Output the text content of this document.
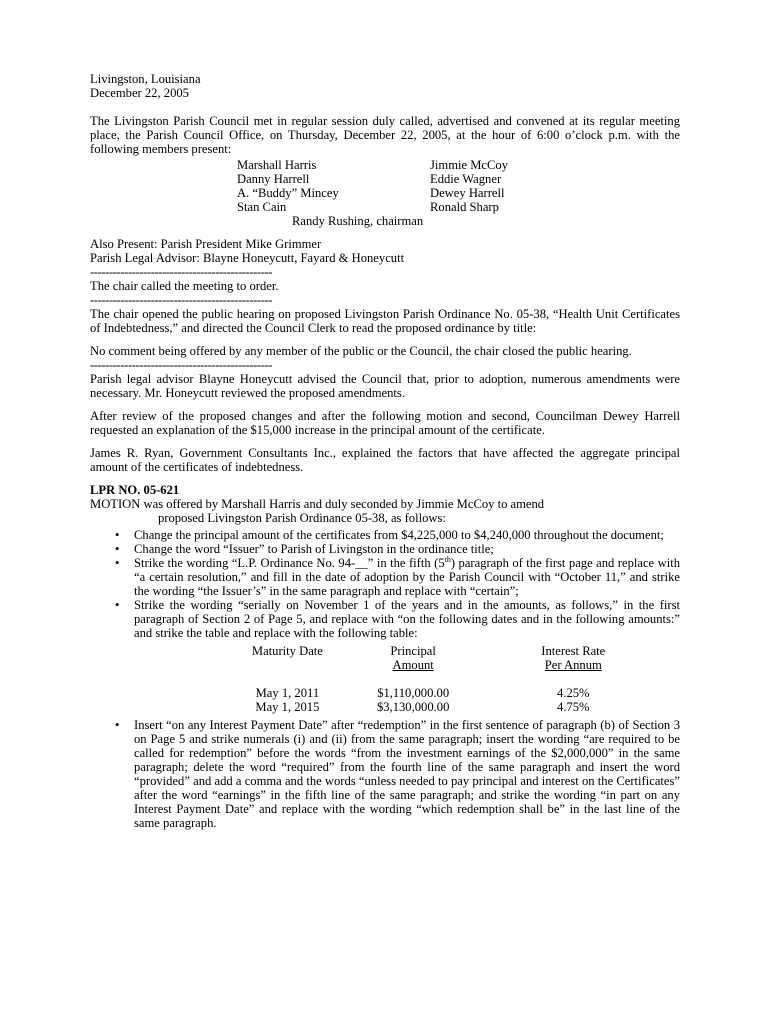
Livingston, Louisiana

December 22, 2005

The Livingston Parish Council met in regular session duly called, advertised and convened at its regular meeting place, the Parish Council Office, on Thursday, December 22, 2005, at the hour of 6:00 o’clock p.m. with the following members present:

Marshall Harris	Jimmie McCoy
Danny Harrell	Eddie Wagner
A. “Buddy” Mincey	Dewey Harrell
Stan Cain	Ronald Sharp

Randy Rushing, chairman

Also Present: Parish President Mike Grimmer

Parish Legal Advisor: Blayne Honeycutt, Fayard & Honeycutt

------------------------------------------------

The chair called the meeting to order.

------------------------------------------------

The chair opened the public hearing on proposed Livingston Parish Ordinance No. 05-38, “Health Unit Certificates of Indebtedness,” and directed the Council Clerk to read the proposed ordinance by title:

No comment being offered by any member of the public or the Council, the chair closed the public hearing.

------------------------------------------------

Parish legal advisor Blayne Honeycutt advised the Council that, prior to adoption, numerous amendments were necessary. Mr. Honeycutt reviewed the proposed amendments.

After review of the proposed changes and after the following motion and second, Councilman Dewey Harrell requested an explanation of the $15,000 increase in the principal amount of the certificate.

James R. Ryan, Government Consultants Inc., explained the factors that have affected the aggregate principal amount of the certificates of indebtedness.

LPR NO. 05-621

MOTION was offered by Marshall Harris and duly seconded by Jimmie McCoy to amend
proposed Livingston Parish Ordinance 05-38, as follows:

• Change the principal amount of the certificates from $4,225,000 to $4,240,000 throughout the document;
• Change the word “Issuer” to Parish of Livingston in the ordinance title;
• Strike the wording “L.P. Ordinance No. 94-__” in the fifth (5th) paragraph of the first page and replace with “a certain resolution,” and fill in the date of adoption by the Parish Council with “October 11,” and strike the wording “the Issuer’s” in the same paragraph and replace with “certain”;
• Strike the wording “serially on November 1 of the years and in the amounts, as follows,” in the first paragraph of Section 2 of Page 5, and replace with “on the following dates and in the following amounts:” and strike the table and replace with the following table:
Maturity Date	Principal	Interest Rate
	Amount	Per Annum

May 1, 2011	$1,110,000.00	4.25%
May 1, 2015	$3,130,000.00	4.75%
• Insert “on any Interest Payment Date” after “redemption” in the first sentence of paragraph (b) of Section 3 on Page 5 and strike numerals (i) and (ii) from the same paragraph; insert the wording “are required to be called for redemption” before the words “from the investment earnings of the $2,000,000” in the same paragraph; delete the word “required” from the fourth line of the same paragraph and insert the word “provided” and add a comma and the words “unless needed to pay principal and interest on the Certificates” after the word “earnings” in the fifth line of the same paragraph; and strike the wording “in part on any Interest Payment Date” and replace with the wording “which redemption shall be” in the last line of the same paragraph.
